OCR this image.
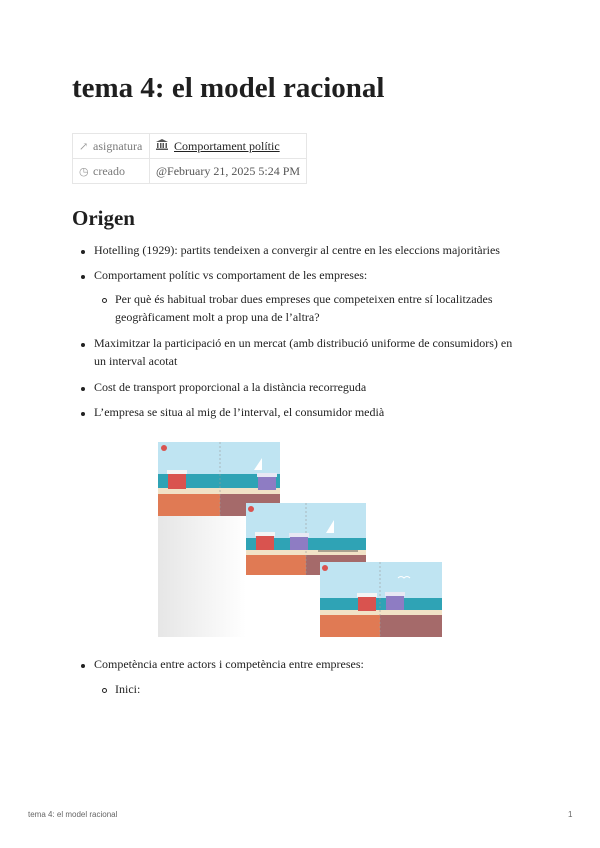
tema 4: el model racional
↗ asignatura	Comportament polític
◷ creado	@February 21, 2025 5:24 PM
Origen
Hotelling (1929): partits tendeixen a convergir al centre en les eleccions majoritàries
Comportament polític vs comportament de les empreses:
Per què és habitual trobar dues empreses que competeixen entre sí localitzades
geogràficament molt a prop una de l’altra?
Maximitzar la participació en un mercat (amb distribució uniforme de consumidors) en
un interval acotat
Cost de transport proporcional a la distància recorreguda
L’empresa se situa al mig de l’interval, el consumidor medià
Competència entre actors i competència entre empreses:
Inici:
tema 4: el model racional	1
